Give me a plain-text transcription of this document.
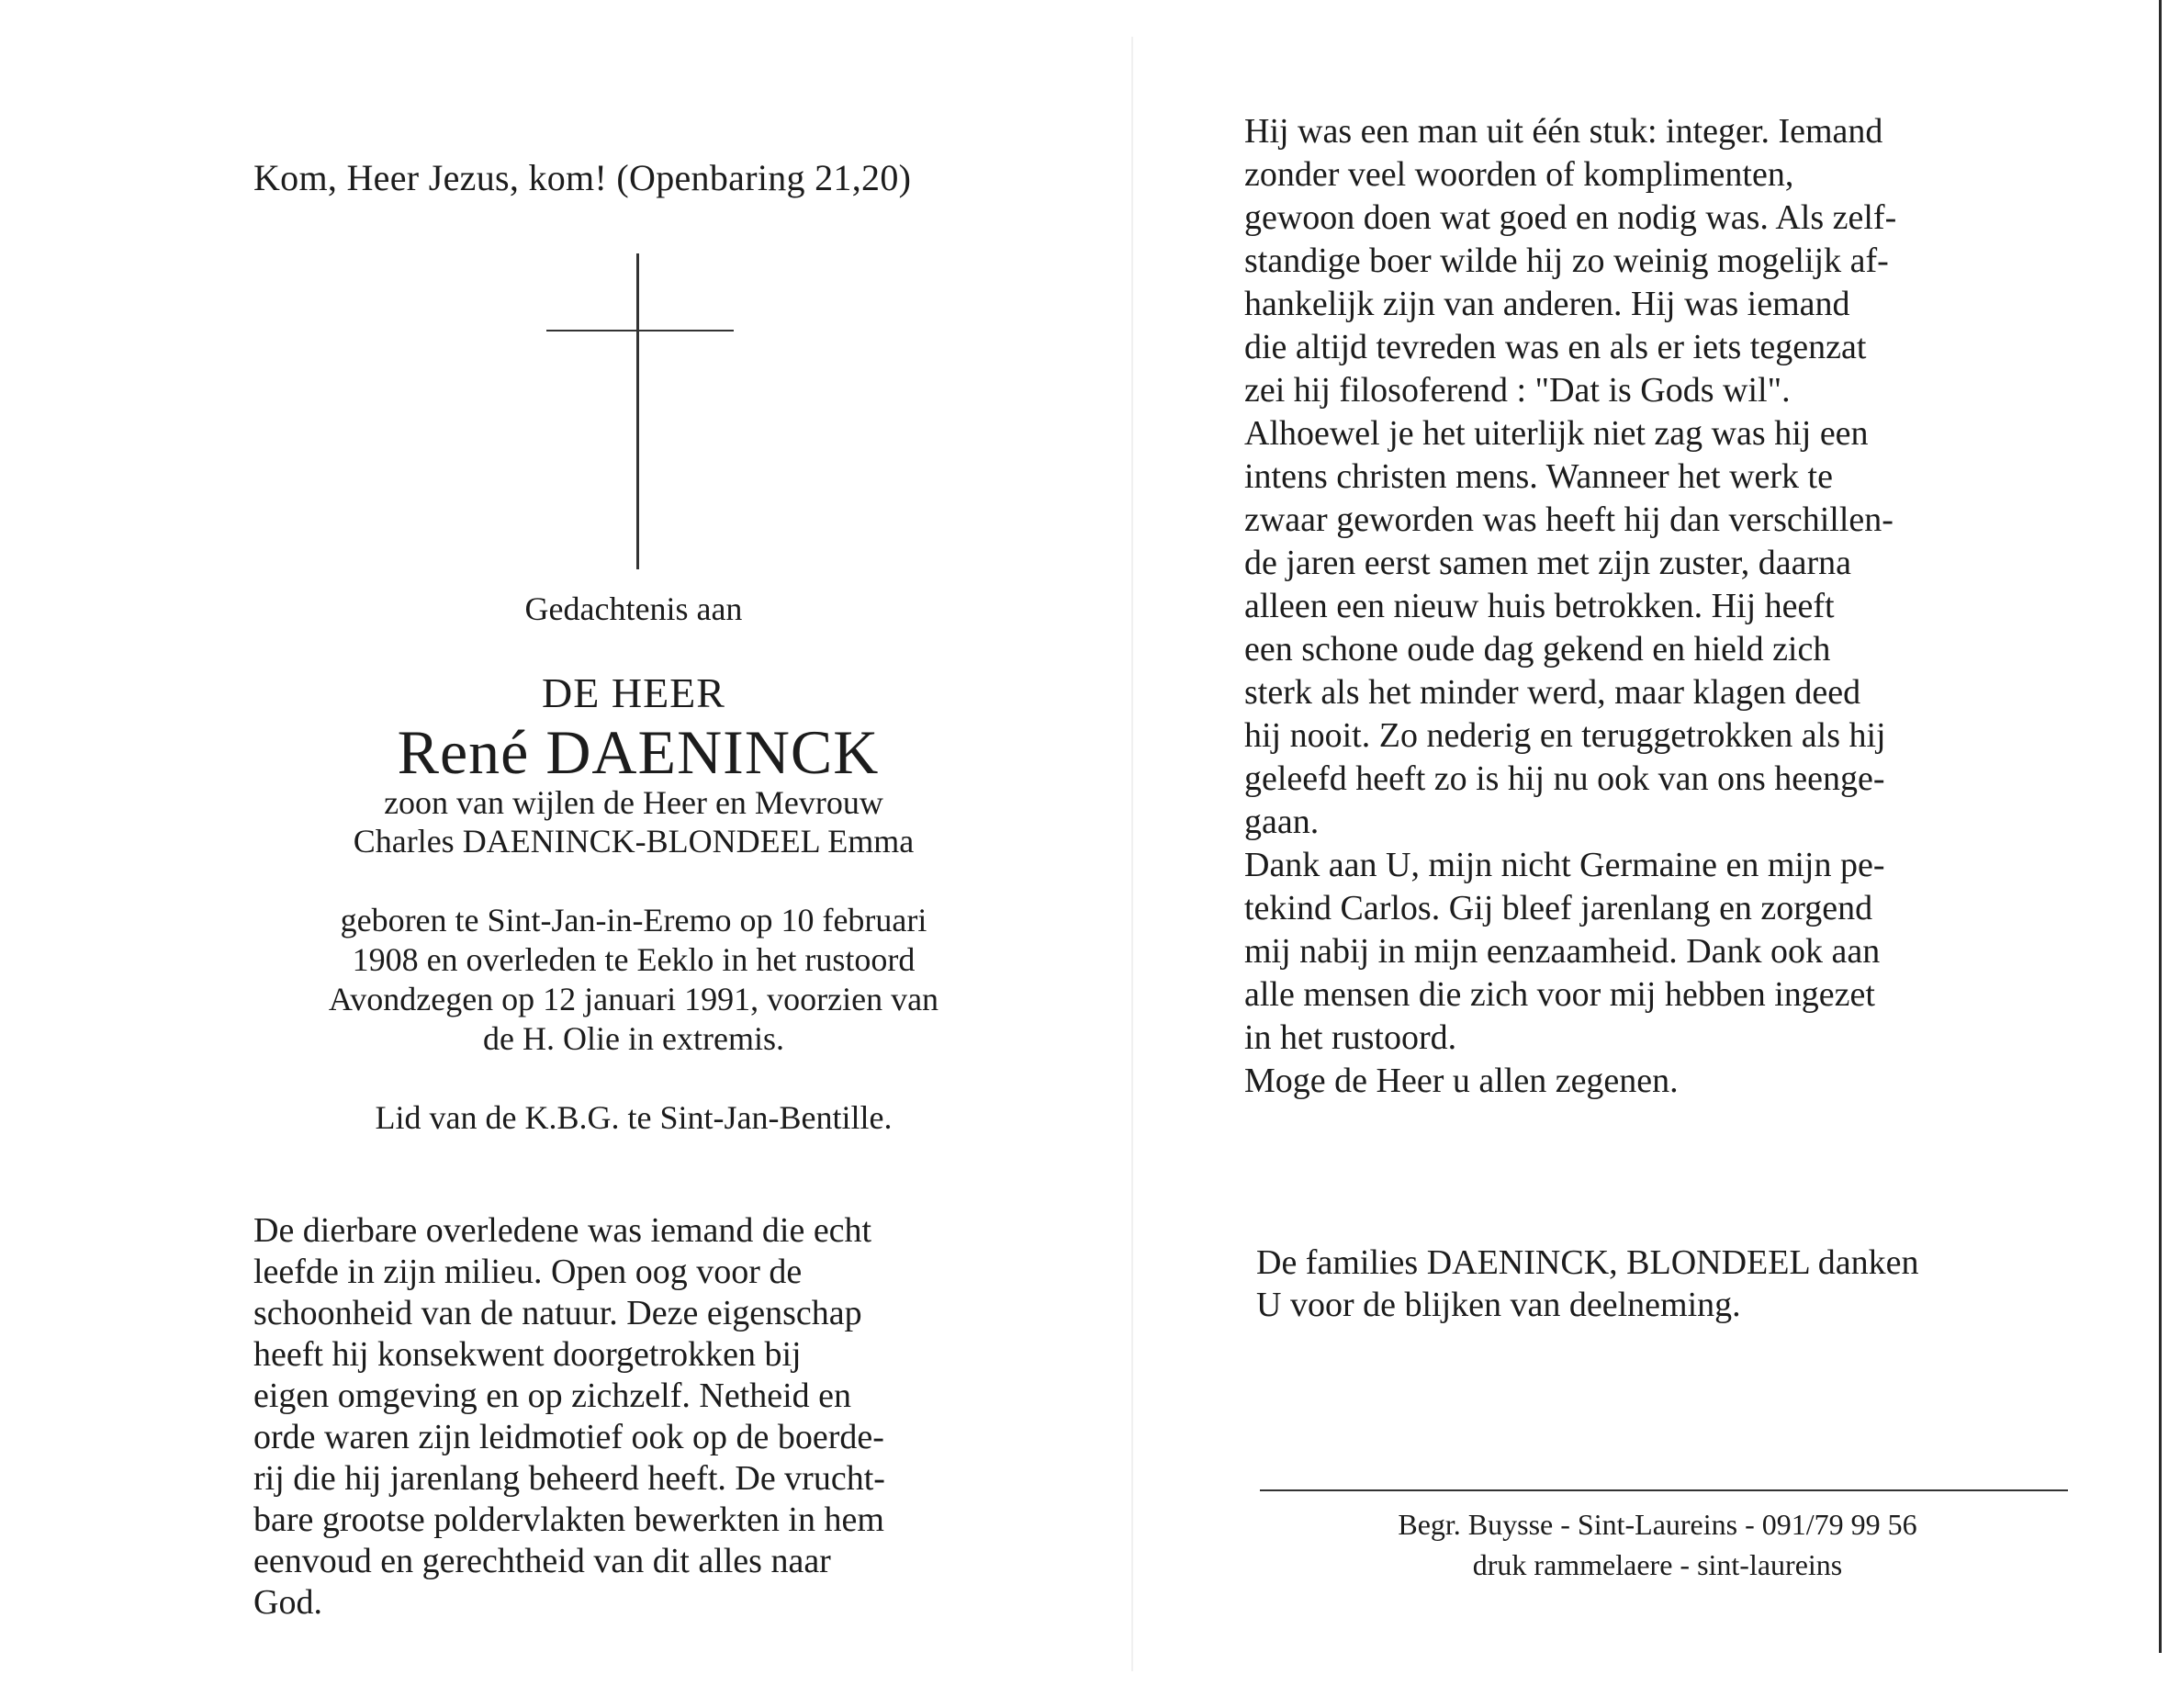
Kom, Heer Jezus, kom! (Openbaring 21,20)
Gedachtenis aan
DE HEER
René DAENINCK
zoon van wijlen de Heer en Mevrouw
Charles DAENINCK-BLONDEEL Emma
geboren te Sint-Jan-in-Eremo op 10 februari
1908 en overleden te Eeklo in het rustoord
Avondzegen op 12 januari 1991, voorzien van
de H. Olie in extremis.
Lid van de K.B.G. te Sint-Jan-Bentille.
De dierbare overledene was iemand die echt
leefde in zijn milieu. Open oog voor de
schoonheid van de natuur. Deze eigenschap
heeft hij konsekwent doorgetrokken bij
eigen omgeving en op zichzelf. Netheid en
orde waren zijn leidmotief ook op de boerde-
rij die hij jarenlang beheerd heeft. De vrucht-
bare grootse poldervlakten bewerkten in hem
eenvoud en gerechtheid van dit alles naar
God.
Hij was een man uit één stuk: integer. Iemand
zonder veel woorden of komplimenten,
gewoon doen wat goed en nodig was. Als zelf-
standige boer wilde hij zo weinig mogelijk af-
hankelijk zijn van anderen. Hij was iemand
die altijd tevreden was en als er iets tegenzat
zei hij filosoferend : "Dat is Gods wil".
Alhoewel je het uiterlijk niet zag was hij een
intens christen mens. Wanneer het werk te
zwaar geworden was heeft hij dan verschillen-
de jaren eerst samen met zijn zuster, daarna
alleen een nieuw huis betrokken. Hij heeft
een schone oude dag gekend en hield zich
sterk als het minder werd, maar klagen deed
hij nooit. Zo nederig en teruggetrokken als hij
geleefd heeft zo is hij nu ook van ons heenge-
gaan.
Dank aan U, mijn nicht Germaine en mijn pe-
tekind Carlos. Gij bleef jarenlang en zorgend
mij nabij in mijn eenzaamheid. Dank ook aan
alle mensen die zich voor mij hebben ingezet
in het rustoord.
Moge de Heer u allen zegenen.
De families DAENINCK, BLONDEEL danken
U voor de blijken van deelneming.
Begr. Buysse - Sint-Laureins - 091/79 99 56
druk rammelaere - sint-laureins
